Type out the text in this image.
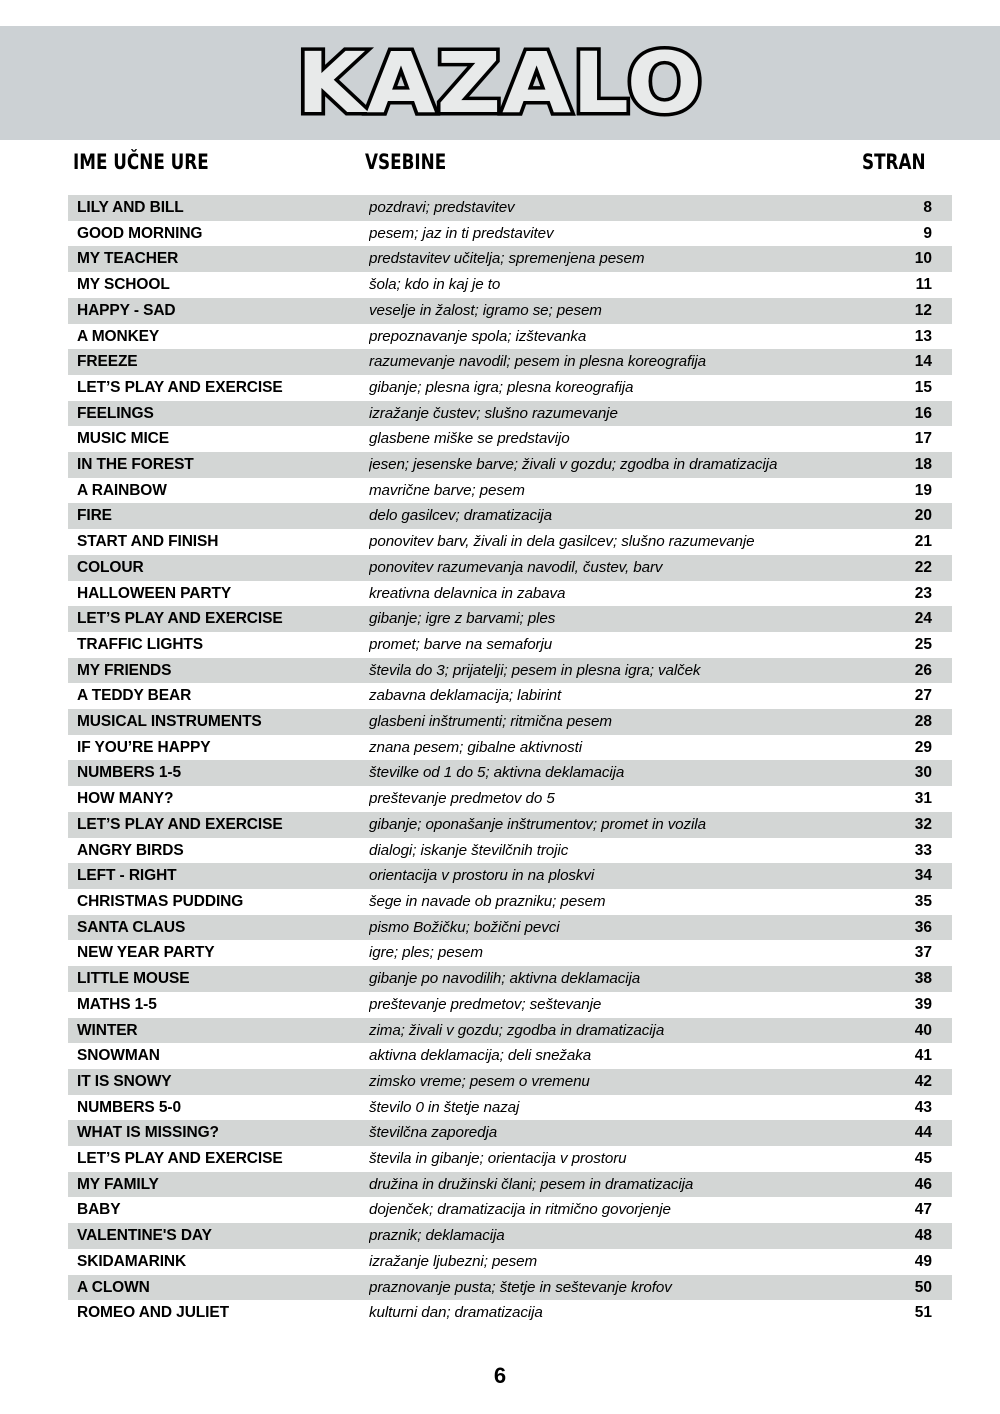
KAZALO
IME UČNE URE	VSEBINE	STRAN
LILY AND BILL	pozdravi; predstavitev	8
GOOD MORNING	pesem; jaz in ti predstavitev	9
MY TEACHER	predstavitev učitelja; spremenjena pesem	10
MY SCHOOL	šola; kdo in kaj je to	11
HAPPY - SAD	veselje in žalost; igramo se; pesem	12
A MONKEY	prepoznavanje spola; izštevanka	13
FREEZE	razumevanje navodil; pesem in plesna koreografija	14
LET’S PLAY AND EXERCISE	gibanje; plesna igra; plesna koreografija	15
FEELINGS	izražanje čustev; slušno razumevanje	16
MUSIC MICE	glasbene miške se predstavijo	17
IN THE FOREST	jesen; jesenske barve; živali v gozdu; zgodba in dramatizacija	18
A RAINBOW	mavrične barve; pesem	19
FIRE	delo gasilcev; dramatizacija	20
START AND FINISH	ponovitev barv, živali in dela gasilcev; slušno razumevanje	21
COLOUR	ponovitev razumevanja navodil, čustev, barv	22
HALLOWEEN PARTY	kreativna delavnica in zabava	23
LET’S PLAY AND EXERCISE	gibanje; igre z barvami; ples	24
TRAFFIC LIGHTS	promet; barve na semaforju	25
MY FRIENDS	števila do 3; prijatelji; pesem in plesna igra; valček	26
A TEDDY BEAR	zabavna deklamacija; labirint	27
MUSICAL INSTRUMENTS	glasbeni inštrumenti; ritmična pesem	28
IF YOU’RE HAPPY	znana pesem; gibalne aktivnosti	29
NUMBERS 1-5	številke od 1 do 5; aktivna deklamacija	30
HOW MANY?	preštevanje predmetov do 5	31
LET’S PLAY AND EXERCISE	gibanje; oponašanje inštrumentov; promet in vozila	32
ANGRY BIRDS	dialogi; iskanje številčnih trojic	33
LEFT - RIGHT	orientacija v prostoru in na ploskvi	34
CHRISTMAS PUDDING	šege in navade ob prazniku; pesem	35
SANTA CLAUS	pismo Božičku; božični pevci	36
NEW YEAR PARTY	igre; ples; pesem	37
LITTLE MOUSE	gibanje po navodilih; aktivna deklamacija	38
MATHS 1-5	preštevanje predmetov; seštevanje	39
WINTER	zima; živali v gozdu; zgodba in dramatizacija	40
SNOWMAN	aktivna deklamacija; deli snežaka	41
IT IS SNOWY	zimsko vreme; pesem o vremenu	42
NUMBERS 5-0	število 0 in štetje nazaj	43
WHAT IS MISSING?	številčna zaporedja	44
LET’S PLAY AND EXERCISE	števila in gibanje; orientacija v prostoru	45
MY FAMILY	družina in družinski člani; pesem in dramatizacija	46
BABY	dojenček; dramatizacija in ritmično govorjenje	47
VALENTINE'S DAY	praznik; deklamacija	48
SKIDAMARINK	izražanje ljubezni; pesem	49
A CLOWN	praznovanje pusta; štetje in seštevanje krofov	50
ROMEO AND JULIET	kulturni dan; dramatizacija	51
6
